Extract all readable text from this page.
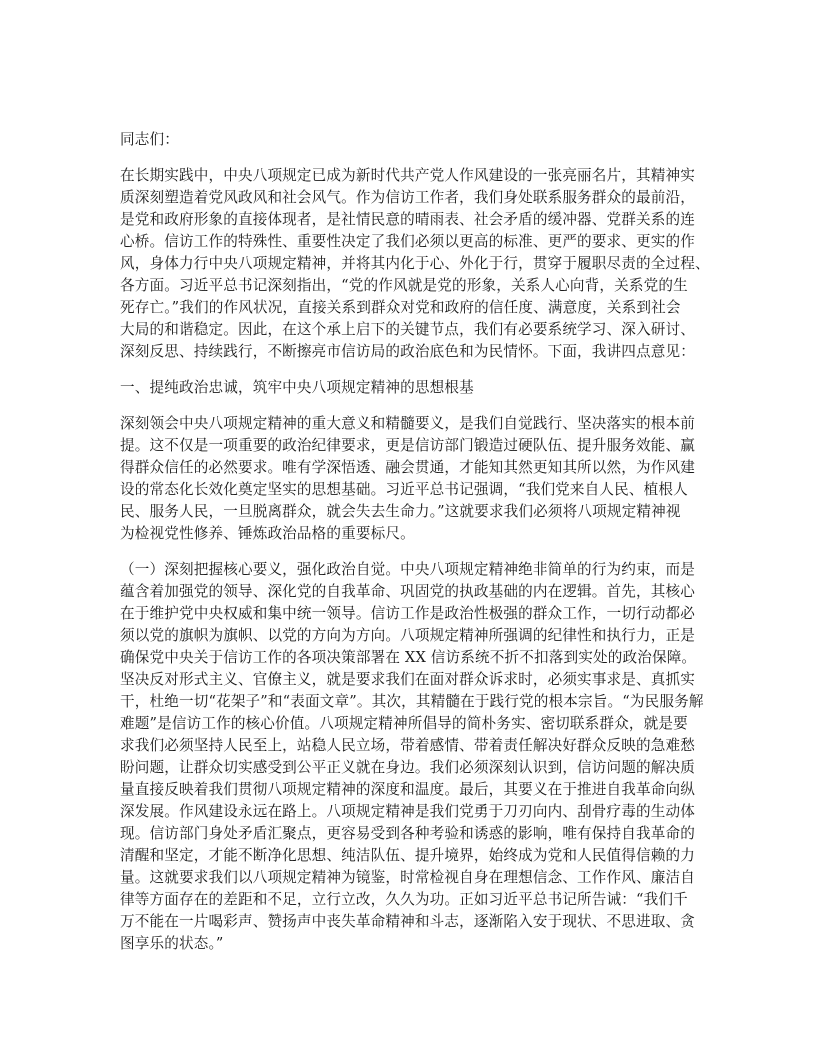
同志们：
在长期实践中，中央八项规定已成为新时代共产党人作风建设的一张亮丽名片，其精神实
质深刻塑造着党风政风和社会风气。作为信访工作者，我们身处联系服务群众的最前沿，
是党和政府形象的直接体现者，是社情民意的晴雨表、社会矛盾的缓冲器、党群关系的连
心桥。信访工作的特殊性、重要性决定了我们必须以更高的标准、更严的要求、更实的作
风，身体力行中央八项规定精神，并将其内化于心、外化于行，贯穿于履职尽责的全过程、
各方面。习近平总书记深刻指出，“党的作风就是党的形象，关系人心向背，关系党的生
死存亡。”我们的作风状况，直接关系到群众对党和政府的信任度、满意度，关系到社会
大局的和谐稳定。因此，在这个承上启下的关键节点，我们有必要系统学习、深入研讨、
深刻反思、持续践行，不断擦亮市信访局的政治底色和为民情怀。下面，我讲四点意见：
一、提纯政治忠诚，筑牢中央八项规定精神的思想根基
深刻领会中央八项规定精神的重大意义和精髓要义，是我们自觉践行、坚决落实的根本前
提。这不仅是一项重要的政治纪律要求，更是信访部门锻造过硬队伍、提升服务效能、赢
得群众信任的必然要求。唯有学深悟透、融会贯通，才能知其然更知其所以然，为作风建
设的常态化长效化奠定坚实的思想基础。习近平总书记强调，“我们党来自人民、植根人
民、服务人民，一旦脱离群众，就会失去生命力。”这就要求我们必须将八项规定精神视
为检视党性修养、锤炼政治品格的重要标尺。
（一）深刻把握核心要义，强化政治自觉。中央八项规定精神绝非简单的行为约束，而是
蕴含着加强党的领导、深化党的自我革命、巩固党的执政基础的内在逻辑。首先，其核心
在于维护党中央权威和集中统一领导。信访工作是政治性极强的群众工作，一切行动都必
须以党的旗帜为旗帜、以党的方向为方向。八项规定精神所强调的纪律性和执行力，正是
确保党中央关于信访工作的各项决策部署在 XX 信访系统不折不扣落到实处的政治保障。
坚决反对形式主义、官僚主义，就是要求我们在面对群众诉求时，必须实事求是、真抓实
干，杜绝一切“花架子”和“表面文章”。其次，其精髓在于践行党的根本宗旨。“为民服务解
难题”是信访工作的核心价值。八项规定精神所倡导的简朴务实、密切联系群众，就是要
求我们必须坚持人民至上，站稳人民立场，带着感情、带着责任解决好群众反映的急难愁
盼问题，让群众切实感受到公平正义就在身边。我们必须深刻认识到，信访问题的解决质
量直接反映着我们贯彻八项规定精神的深度和温度。最后，其要义在于推进自我革命向纵
深发展。作风建设永远在路上。八项规定精神是我们党勇于刀刃向内、刮骨疗毒的生动体
现。信访部门身处矛盾汇聚点，更容易受到各种考验和诱惑的影响，唯有保持自我革命的
清醒和坚定，才能不断净化思想、纯洁队伍、提升境界，始终成为党和人民值得信赖的力
量。这就要求我们以八项规定精神为镜鉴，时常检视自身在理想信念、工作作风、廉洁自
律等方面存在的差距和不足，立行立改，久久为功。正如习近平总书记所告诫：“我们千
万不能在一片喝彩声、赞扬声中丧失革命精神和斗志，逐渐陷入安于现状、不思进取、贪
图享乐的状态。”
